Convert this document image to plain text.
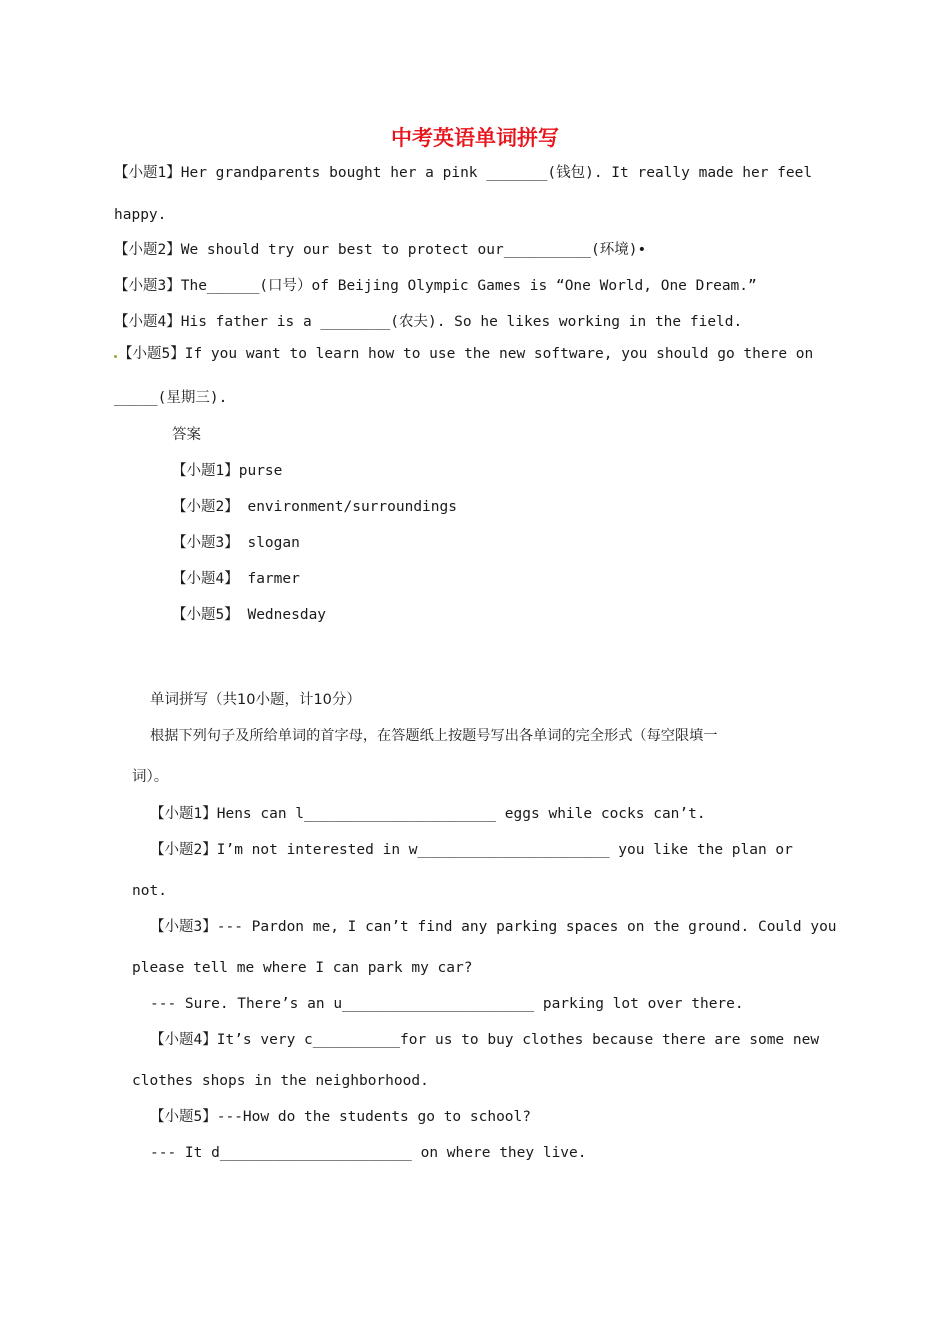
中考英语单词拼写
【小题1】Her grandparents bought her a pink _______(钱包). It really made her feel
happy.
【小题2】We should try our best to protect our__________(环境)•
【小题3】The______(口号）of Beijing Olympic Games is “One World, One Dream.”
【小题4】His father is a ________(农夫). So he likes working in the field.
【小题5】If you want to learn how to use the new software, you should go there on
_____(星期三).
答案
【小题1】purse
【小题2】 environment/surroundings
【小题3】 slogan
【小题4】 farmer
【小题5】 Wednesday
单词拼写（共10小题，计10分）
根据下列句子及所给单词的首字母，在答题纸上按题号写出各单词的完全形式（每空限填一
词）。
【小题1】Hens can l______________________ eggs while cocks can’t.
【小题2】I’m not interested in w______________________ you like the plan or
not.
【小题3】--- Pardon me, I can’t find any parking spaces on the ground. Could you
please tell me where I can park my car?
--- Sure. There’s an u______________________ parking lot over there.
【小题4】It’s very c__________for us to buy clothes because there are some new
clothes shops in the neighborhood.
【小题5】---How do the students go to school?
--- It d______________________ on where they live.
